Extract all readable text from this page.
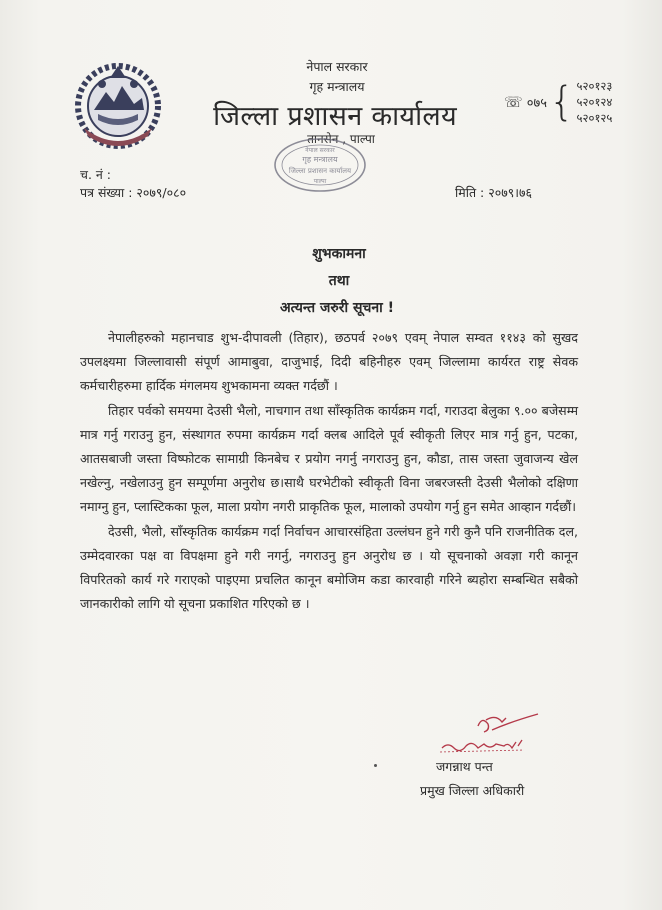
नेपाल सरकार
गृह मन्त्रालय
जिल्ला प्रशासन कार्यालय
तानसेन , पाल्पा
☏ ०७५ { ५२०१२३
५२०१२४
५२०१२५
नेपाल सरकार
गृह मन्त्रालय
जिल्ला प्रशासन कार्यालय
पाल्पा
च. नं :
पत्र संख्या : २०७९/०८०	मिति : २०७९।७६
शुभकामना
तथा
अत्यन्त जरुरी सूचना !

नेपालीहरुको महानचाड शुभ-दीपावली (तिहार), छठपर्व २०७९ एवम् नेपाल सम्वत ११४३ को सुखद उपलक्ष्यमा जिल्लावासी संपूर्ण आमाबुवा, दाजुभाई, दिदी बहिनीहरु एवम् जिल्लामा कार्यरत राष्ट्र सेवक कर्मचारीहरुमा हार्दिक मंगलमय शुभकामना व्यक्त गर्दछौं ।

तिहार पर्वको समयमा देउसी भैलो, नाचगान तथा साँस्कृतिक कार्यक्रम गर्दा, गराउदा बेलुका ९.०० बजेसम्म मात्र गर्नु गराउनु हुन, संस्थागत रुपमा कार्यक्रम गर्दा क्लब आदिले पूर्व स्वीकृती लिएर मात्र गर्नु हुन, पटका, आतसबाजी जस्ता विष्फोटक सामाग्री किनबेच र प्रयोग नगर्नु नगराउनु हुन, कौडा, तास जस्ता जुवाजन्य खेल नखेल्नु, नखेलाउनु हुन सम्पूर्णमा अनुरोध छ।साथै घरभेटीको स्वीकृती विना जबरजस्ती देउसी भैलोको दक्षिणा नमाग्नु हुन, प्लास्टिकका फूल, माला प्रयोग नगरी प्राकृतिक फूल, मालाको उपयोग गर्नु हुन समेत आव्हान गर्दछौं।

देउसी, भैलो, साँस्कृतिक कार्यक्रम गर्दा निर्वाचन आचारसंहिता उल्लंघन हुने गरी कुनै पनि राजनीतिक दल, उम्मेदवारका पक्ष वा विपक्षमा हुने गरी नगर्नु, नगराउनु हुन अनुरोध छ । यो सूचनाको अवज्ञा गरी कानून विपरितको कार्य गरे गराएको पाइएमा प्रचलित कानून बमोजिम कडा कारवाही गरिने ब्यहोरा सम्बन्धित सबैको जानकारीको लागि यो सूचना प्रकाशित गरिएको छ ।

जगन्नाथ पन्त
प्रमुख जिल्ला अधिकारी
